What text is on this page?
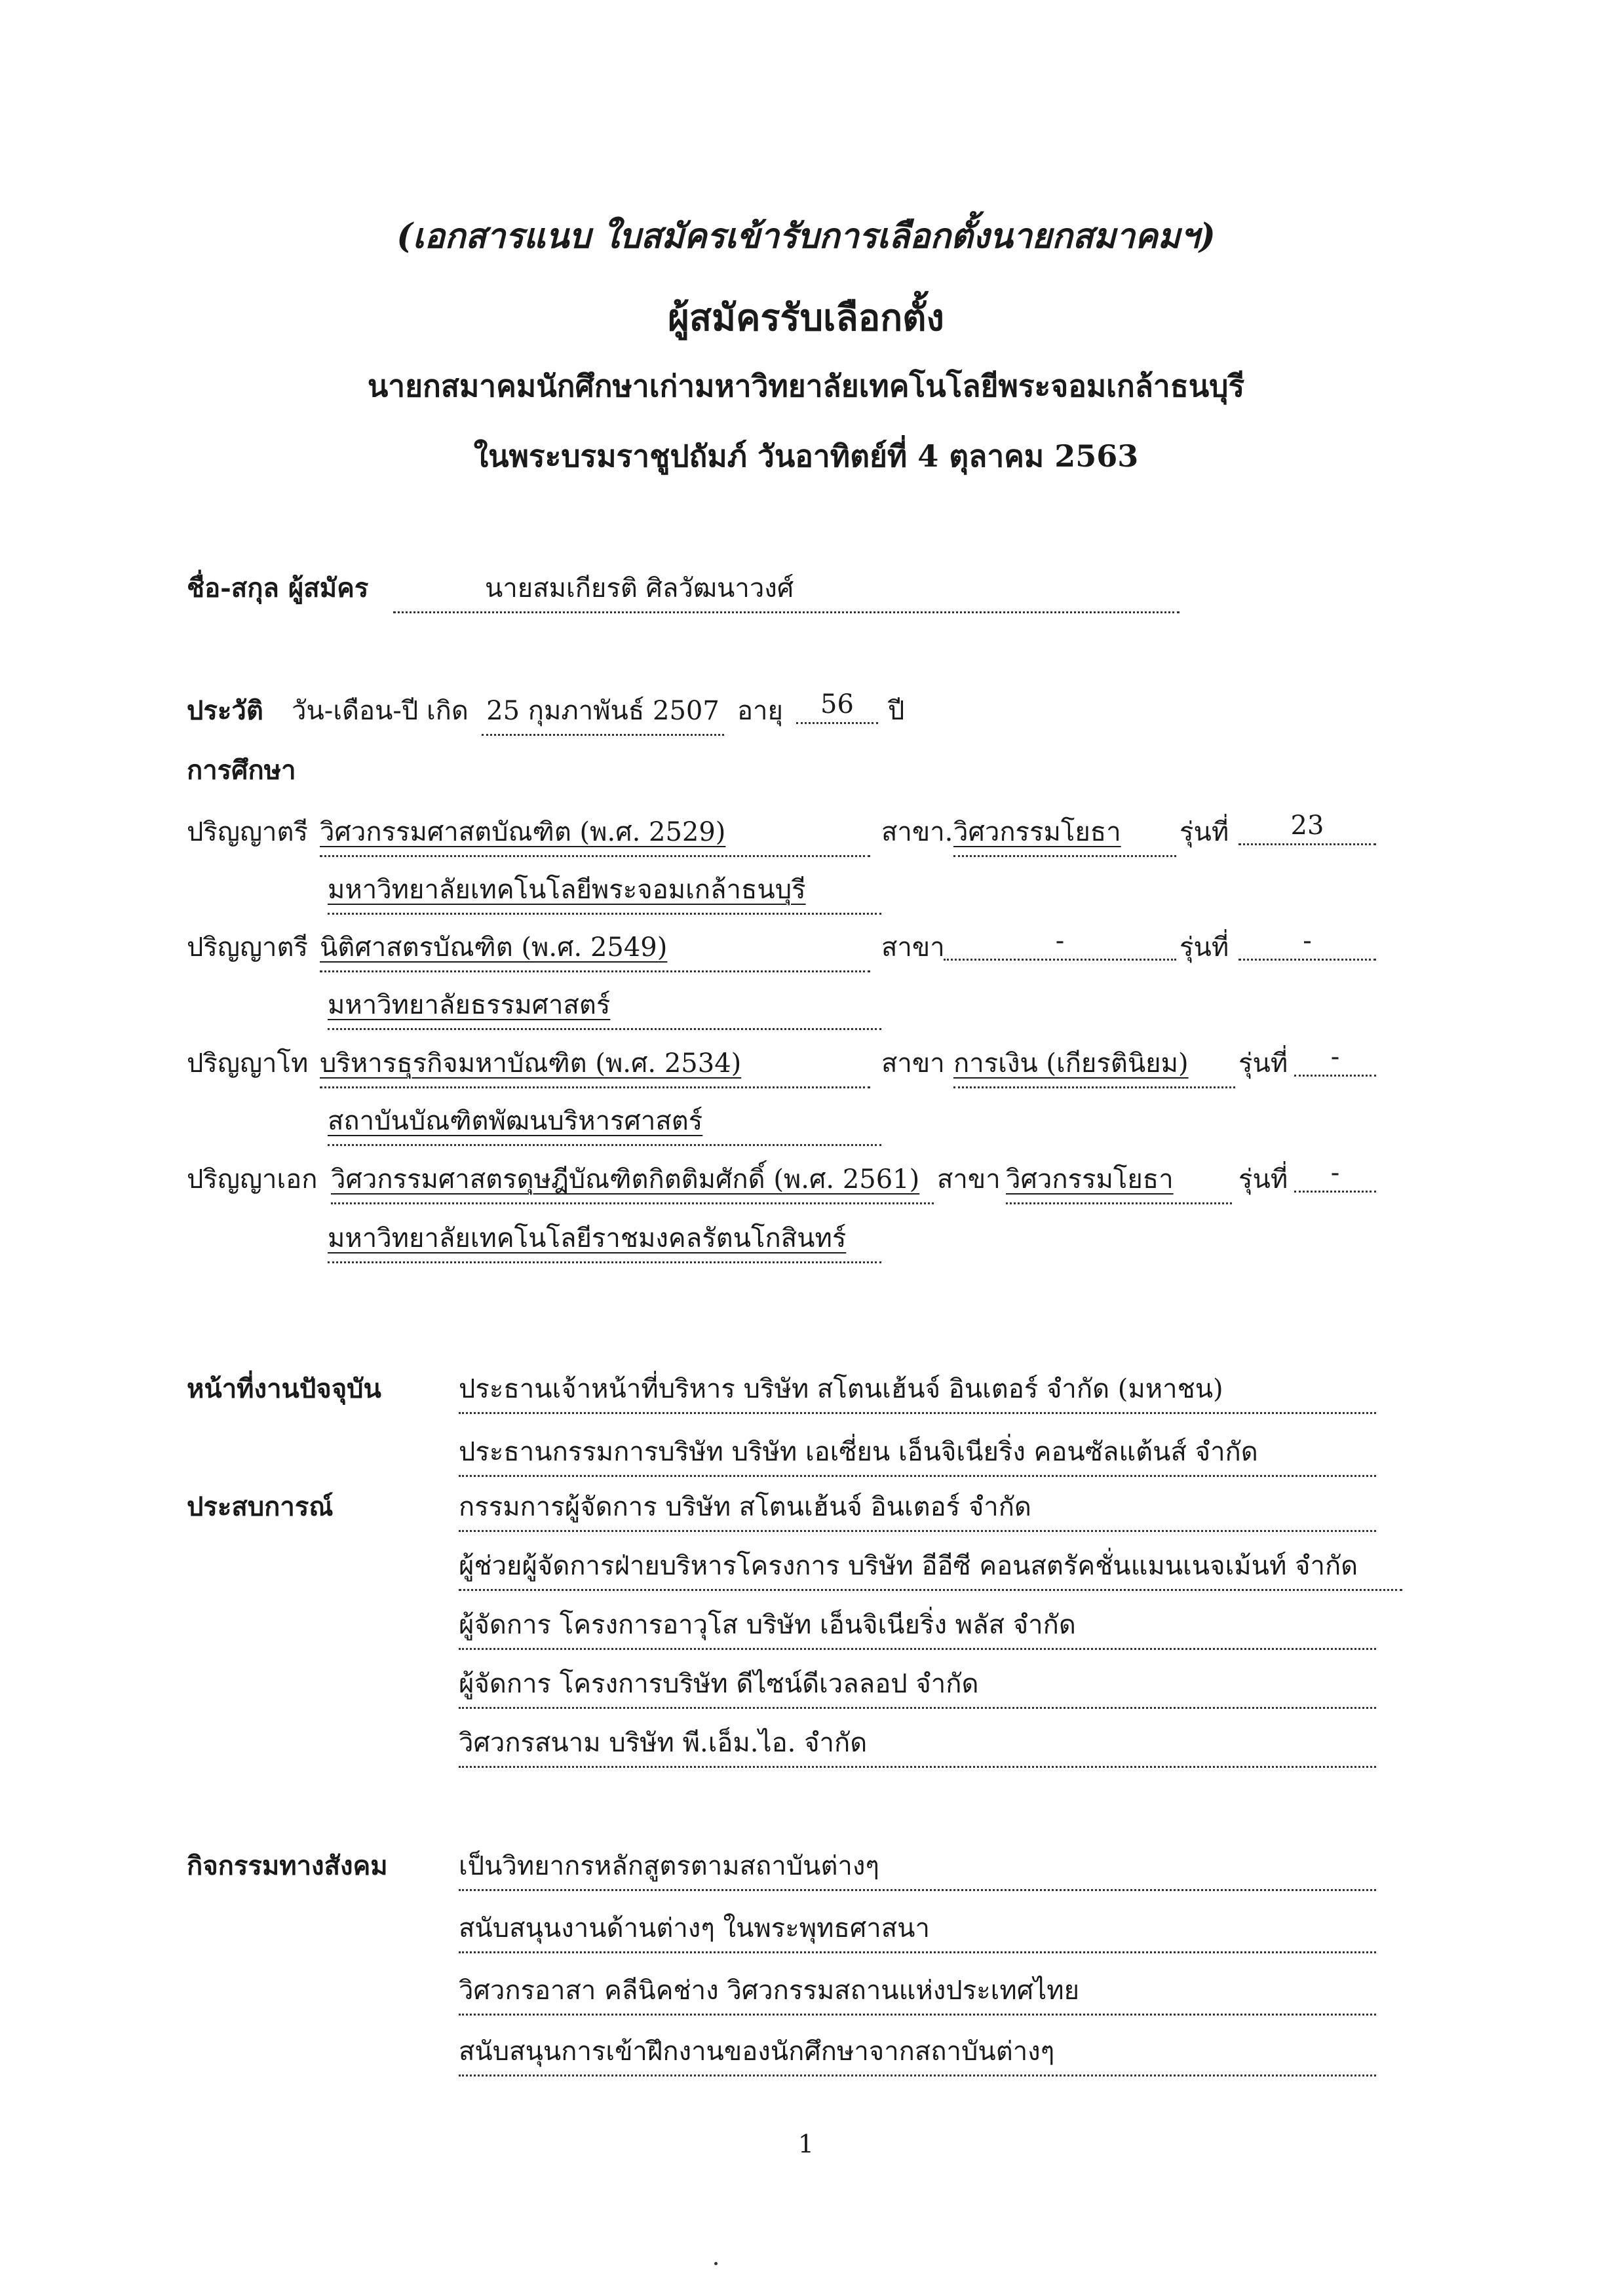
(เอกสารแนบ ใบสมัครเข้ารับการเลือกตั้งนายกสมาคมฯ)
ผู้สมัครรับเลือกตั้ง
นายกสมาคมนักศึกษาเก่ามหาวิทยาลัยเทคโนโลยีพระจอมเกล้าธนบุรี
ในพระบรมราชูปถัมภ์ วันอาทิตย์ที่ 4 ตุลาคม 2563
ชื่อ-สกุล ผู้สมัคร	นายสมเกียรติ ศิลวัฒนาวงศ์
ประวัติ วัน-เดือน-ปี เกิด 25 กุมภาพันธ์ 2507 อายุ	56	ปี
การศึกษา
ปริญญาตรี วิศวกรรมศาสตบัณฑิต (พ.ศ. 2529)	สาขา. วิศวกรรมโยธา	รุ่นที่	23
มหาวิทยาลัยเทคโนโลยีพระจอมเกล้าธนบุรี
ปริญญาตรี นิติศาสตรบัณฑิต (พ.ศ. 2549)	สาขา	-	รุ่นที่	-
มหาวิทยาลัยธรรมศาสตร์
ปริญญาโท บริหารธุรกิจมหาบัณฑิต (พ.ศ. 2534)	สาขา การเงิน (เกียรตินิยม)	รุ่นที่	-
สถาบันบัณฑิตพัฒนบริหารศาสตร์
ปริญญาเอก วิศวกรรมศาสตรดุษฎีบัณฑิตกิตติมศักดิ์ (พ.ศ. 2561) สาขา วิศวกรรมโยธา	รุ่นที่	-
มหาวิทยาลัยเทคโนโลยีราชมงคลรัตนโกสินทร์
หน้าที่งานปัจจุบัน	ประธานเจ้าหน้าที่บริหาร บริษัท สโตนเฮ้นจ์ อินเตอร์ จำกัด (มหาชน)
ประธานกรรมการบริษัท บริษัท เอเซี่ยน เอ็นจิเนียริ่ง คอนซัลแต้นส์ จำกัด
ประสบการณ์	กรรมการผู้จัดการ บริษัท สโตนเฮ้นจ์ อินเตอร์ จำกัด
ผู้ช่วยผู้จัดการฝ่ายบริหารโครงการ บริษัท อีอีซี คอนสตรัคชั่นแมนเนจเม้นท์ จำกัด
ผู้จัดการ โครงการอาวุโส บริษัท เอ็นจิเนียริ่ง พลัส จำกัด
ผู้จัดการ โครงการบริษัท ดีไซน์ดีเวลลอป จำกัด
วิศวกรสนาม บริษัท พี.เอ็ม.ไอ. จำกัด
กิจกรรมทางสังคม	เป็นวิทยากรหลักสูตรตามสถาบันต่างๆ
สนับสนุนงานด้านต่างๆ ในพระพุทธศาสนา
วิศวกรอาสา คลีนิคช่าง วิศวกรรมสถานแห่งประเทศไทย
สนับสนุนการเข้าฝึกงานของนักศึกษาจากสถาบันต่างๆ
1
